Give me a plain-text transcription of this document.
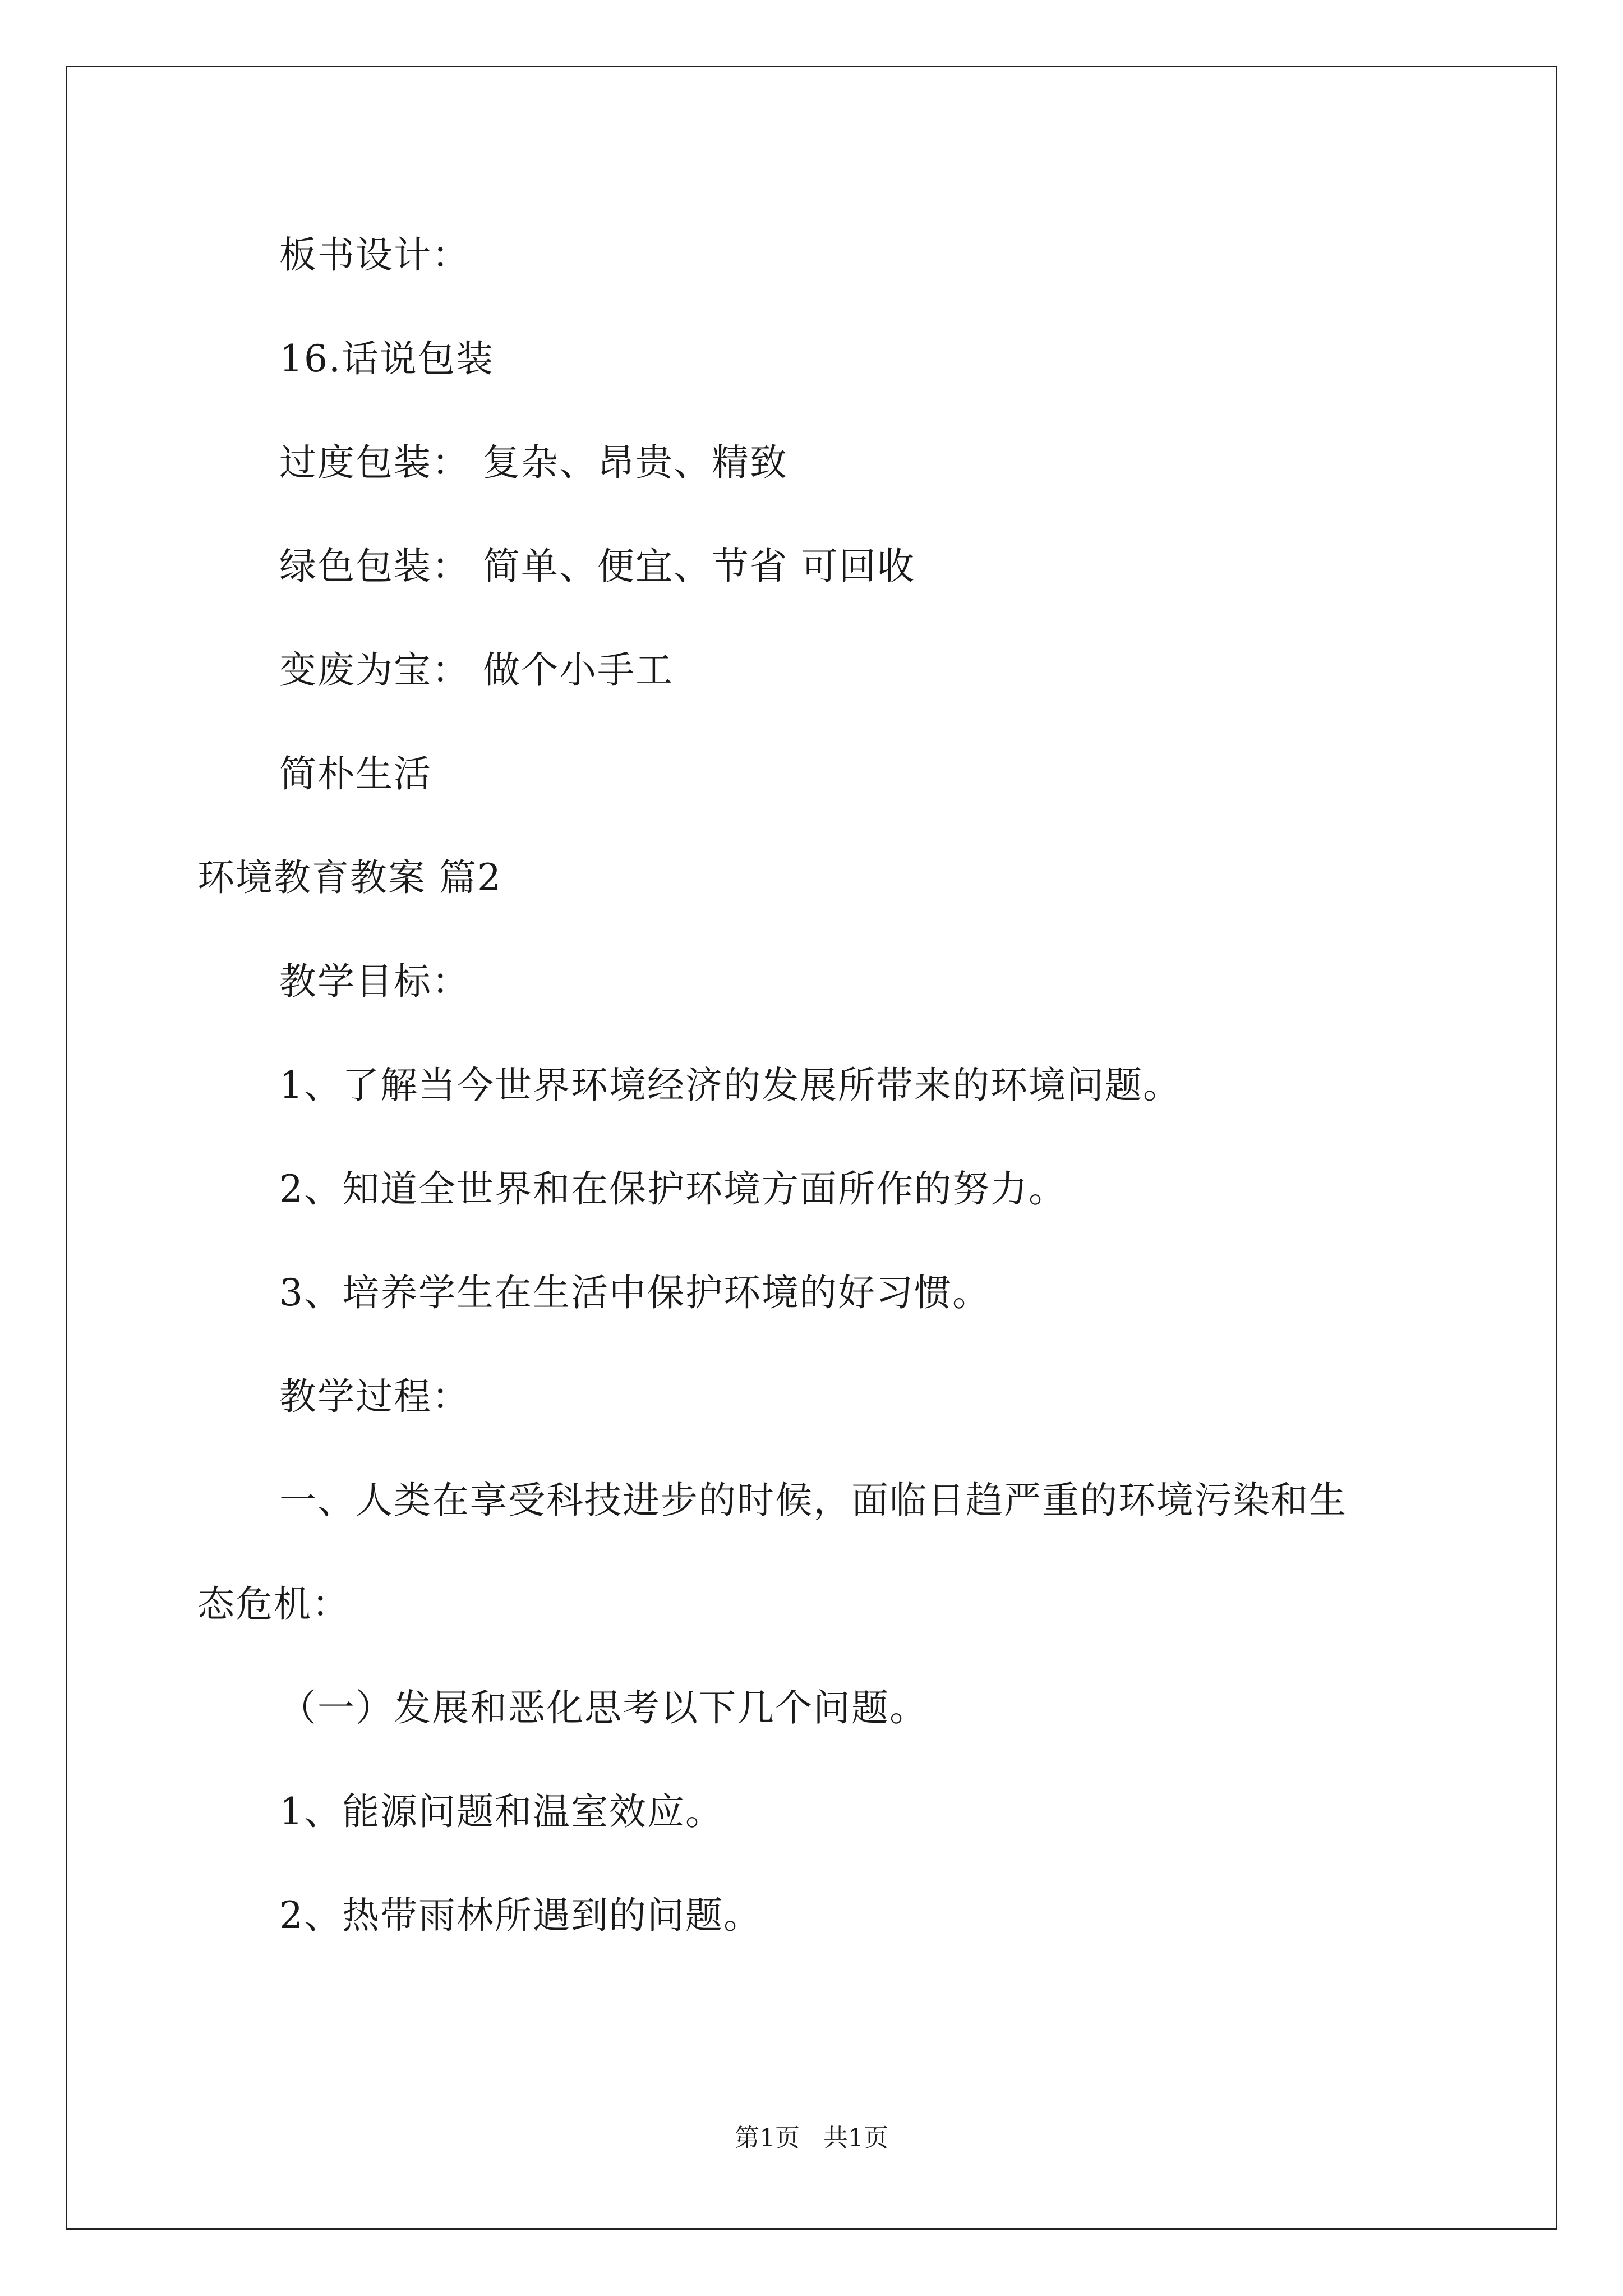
板书设计：
16.话说包装
过度包装： 复杂、昂贵、精致
绿色包装： 简单、便宜、节省 可回收
变废为宝： 做个小手工
简朴生活
环境教育教案 篇2
教学目标：
1、了解当今世界环境经济的发展所带来的环境问题。
2、知道全世界和在保护环境方面所作的努力。
3、培养学生在生活中保护环境的好习惯。
教学过程：
一、人类在享受科技进步的时候，面临日趋严重的环境污染和生
态危机：
（一）发展和恶化思考以下几个问题。
1、能源问题和温室效应。
2、热带雨林所遇到的问题。
第1页   共1页
